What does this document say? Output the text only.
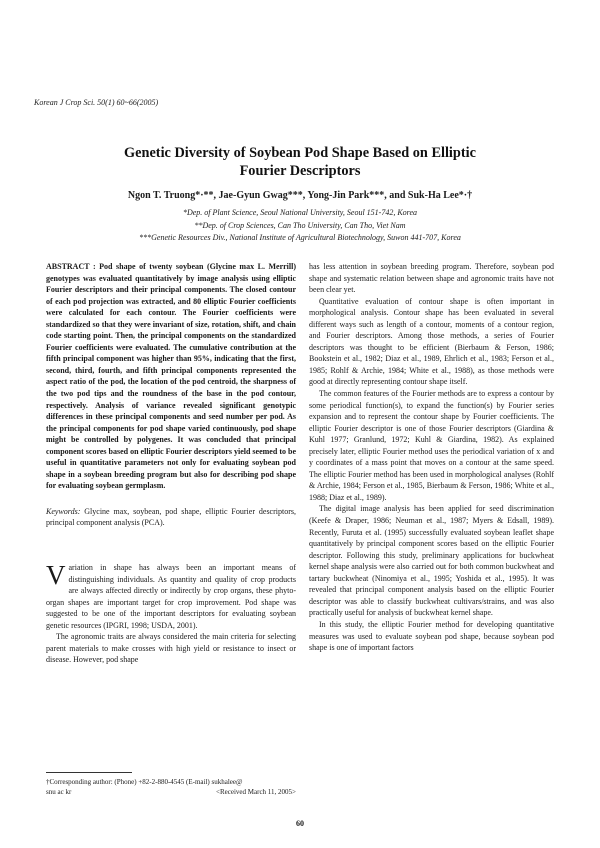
Korean J Crop Sci. 50(1) 60~66(2005)
Genetic Diversity of Soybean Pod Shape Based on Elliptic
Fourier Descriptors
Ngon T. Truong*·**, Jae-Gyun Gwag***, Yong-Jin Park***, and Suk-Ha Lee*·†
*Dep. of Plant Science, Seoul National University, Seoul 151-742, Korea
**Dep. of Crop Sciences, Can Tho University, Can Tho, Viet Nam
***Genetic Resources Div., National Institute of Agricultural Biotechnology, Suwon 441-707, Korea

ABSTRACT : Pod shape of twenty soybean (Glycine max L. Merrill) genotypes was evaluated quantitatively by image analysis using elliptic Fourier descriptors and their principal components. The closed contour of each pod projection was extracted, and 80 elliptic Fourier coefficients were calculated for each contour. The Fourier coefficients were standardized so that they were invariant of size, rotation, shift, and chain code starting point. Then, the principal components on the standardized Fourier coefficients were evaluated. The cumulative contribution at the fifth principal component was higher than 95%, indicating that the first, second, third, fourth, and fifth principal components represented the aspect ratio of the pod, the location of the pod centroid, the sharpness of the two pod tips and the roundness of the base in the pod contour, respectively. Analysis of variance revealed significant genotypic differences in these principal components and seed number per pod. As the principal components for pod shape varied continuously, pod shape might be controlled by polygenes. It was concluded that principal component scores based on elliptic Fourier descriptors yield seemed to be useful in quantitative parameters not only for evaluating soybean pod shape in a soybean breeding program but also for describing pod shape for evaluating soybean germplasm.

Keywords: Glycine max, soybean, pod shape, elliptic Fourier descriptors, principal component analysis (PCA).

Variation in shape has always been an important means of distinguishing individuals. As quantity and quality of crop products are always affected directly or indirectly by crop organs, these phyto-organ shapes are important target for crop improvement. Pod shape was suggested to be one of the important descriptors for evaluating soybean genetic resources (IPGRI, 1998; USDA, 2001).

The agronomic traits are always considered the main criteria for selecting parent materials to make crosses with high yield or resistance to insect or disease. However, pod shape

has less attention in soybean breeding program. Therefore, soybean pod shape and systematic relation between shape and agronomic traits have not been clear yet.

Quantitative evaluation of contour shape is often important in morphological analysis. Contour shape has been evaluated in several different ways such as length of a contour, moments of a contour region, and Fourier descriptors. Among those methods, a series of Fourier descriptors was thought to be efficient (Bierbaum & Ferson, 1986; Bookstein et al., 1982; Diaz et al., 1989, Ehrlich et al., 1983; Ferson et al., 1985; Rohlf & Archie, 1984; White et al., 1988), as those methods were good at directly representing contour shape itself.

The common features of the Fourier methods are to express a contour by some periodical function(s), to expand the function(s) by Fourier series expansion and to represent the contour shape by Fourier coefficients. The elliptic Fourier descriptor is one of those Fourier descriptors (Giardina & Kuhl 1977; Granlund, 1972; Kuhl & Giardina, 1982). As explained precisely later, elliptic Fourier method uses the periodical variation of x and y coordinates of a mass point that moves on a contour at the same speed. The elliptic Fourier method has been used in morphological analyses (Rohlf & Archie, 1984; Ferson et al., 1985, Bierbaum & Ferson, 1986; White et al., 1988; Diaz et al., 1989).

The digital image analysis has been applied for seed discrimination (Keefe & Draper, 1986; Neuman et al., 1987; Myers & Edsall, 1989). Recently, Furuta et al. (1995) successfully evaluated soybean leaflet shape quantitatively by principal component scores based on the elliptic Fourier descriptor. Following this study, preliminary applications for buckwheat kernel shape analysis were also carried out for both common buckwheat and tartary buckwheat (Ninomiya et al., 1995; Yoshida et al., 1995). It was revealed that principal component analysis based on the elliptic Fourier descriptor was able to classify buckwheat cultivars/strains, and was also practically useful for analysis of buckwheat kernel shape.

In this study, the elliptic Fourier method for developing quantitative measures was used to evaluate soybean pod shape, because soybean pod shape is one of important factors

†Corresponding author: (Phone) +82-2-880-4545 (E-mail) sukhalee@
snu ac kr	<Received March 11, 2005>
60
